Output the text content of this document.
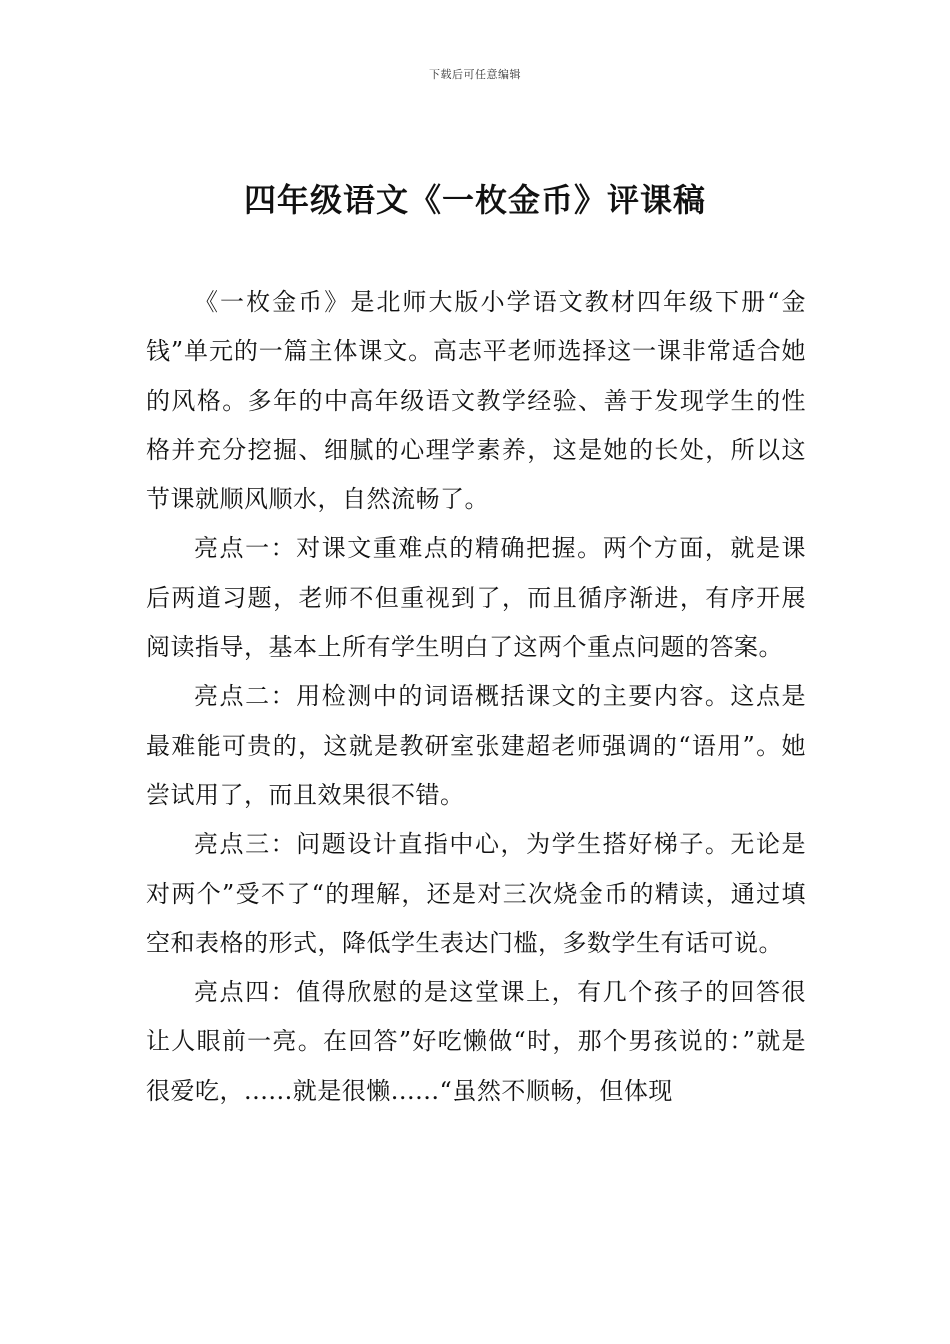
下载后可任意编辑
四年级语文《一枚金币》评课稿

《一枚金币》是北师大版小学语文教材四年级下册“金钱”单元的一篇主体课文。高志平老师选择这一课非常适合她的风格。多年的中高年级语文教学经验、善于发现学生的性格并充分挖掘、细腻的心理学素养，这是她的长处，所以这节课就顺风顺水，自然流畅了。

亮点一：对课文重难点的精确把握。两个方面，就是课后两道习题，老师不但重视到了，而且循序渐进，有序开展阅读指导，基本上所有学生明白了这两个重点问题的答案。

亮点二：用检测中的词语概括课文的主要内容。这点是最难能可贵的，这就是教研室张建超老师强调的“语用”。她尝试用了，而且效果很不错。

亮点三：问题设计直指中心，为学生搭好梯子。无论是对两个”受不了“的理解，还是对三次烧金币的精读，通过填空和表格的形式，降低学生表达门槛，多数学生有话可说。

亮点四：值得欣慰的是这堂课上，有几个孩子的回答很让人眼前一亮。在回答”好吃懒做“时，那个男孩说的：”就是很爱吃，......就是很懒......“虽然不顺畅，但体现
